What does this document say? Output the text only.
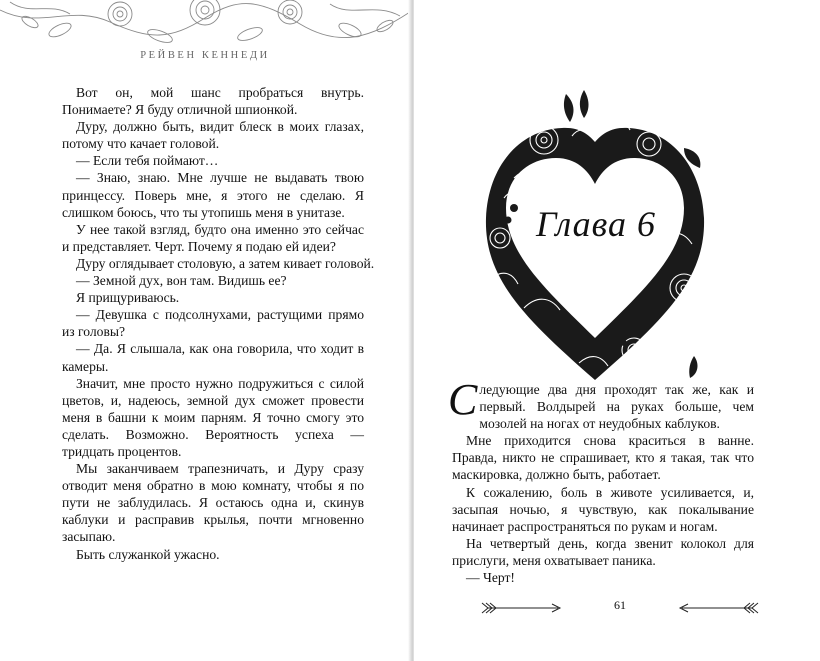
РЕЙВЕН КЕННЕДИ

Вот он, мой шанс пробраться внутрь. Понимаете? Я буду отличной шпионкой.

Дуру, должно быть, видит блеск в моих глазах, потому что качает головой.

— Если тебя поймают…

— Знаю, знаю. Мне лучше не выдавать твою принцессу. Поверь мне, я этого не сделаю. Я слишком боюсь, что ты утопишь меня в унитазе.

У нее такой взгляд, будто она именно это сейчас и представляет. Черт. Почему я подаю ей идеи?

Дуру оглядывает столовую, а затем кивает головой.

— Земной дух, вон там. Видишь ее?

Я прищуриваюсь.

— Девушка с подсолнухами, растущими прямо из головы?

— Да. Я слышала, как она говорила, что ходит в камеры.

Значит, мне просто нужно подружиться с силой цветов, и, надеюсь, земной дух сможет провести меня в башни к моим парням. Я точно смогу это сделать. Возможно. Вероятность успеха — тридцать процентов.

Мы заканчиваем трапезничать, и Дуру сразу отводит меня обратно в мою комнату, чтобы я по пути не заблудилась. Я остаюсь одна и, скинув каблуки и расправив крылья, почти мгновенно засыпаю.

Быть служанкой ужасно.

Глава 6

Следующие два дня проходят так же, как и первый. Волдырей на руках больше, чем мозолей на ногах от неудобных каблуков.

Мне приходится снова краситься в ванне. Правда, никто не спрашивает, кто я такая, так что маскировка, должно быть, работает.

К сожалению, боль в животе усиливается, и, засыпая ночью, я чувствую, как покалывание начинает распространяться по рукам и ногам.

На четвертый день, когда звенит колокол для прислуги, меня охватывает паника.

— Черт!

61
